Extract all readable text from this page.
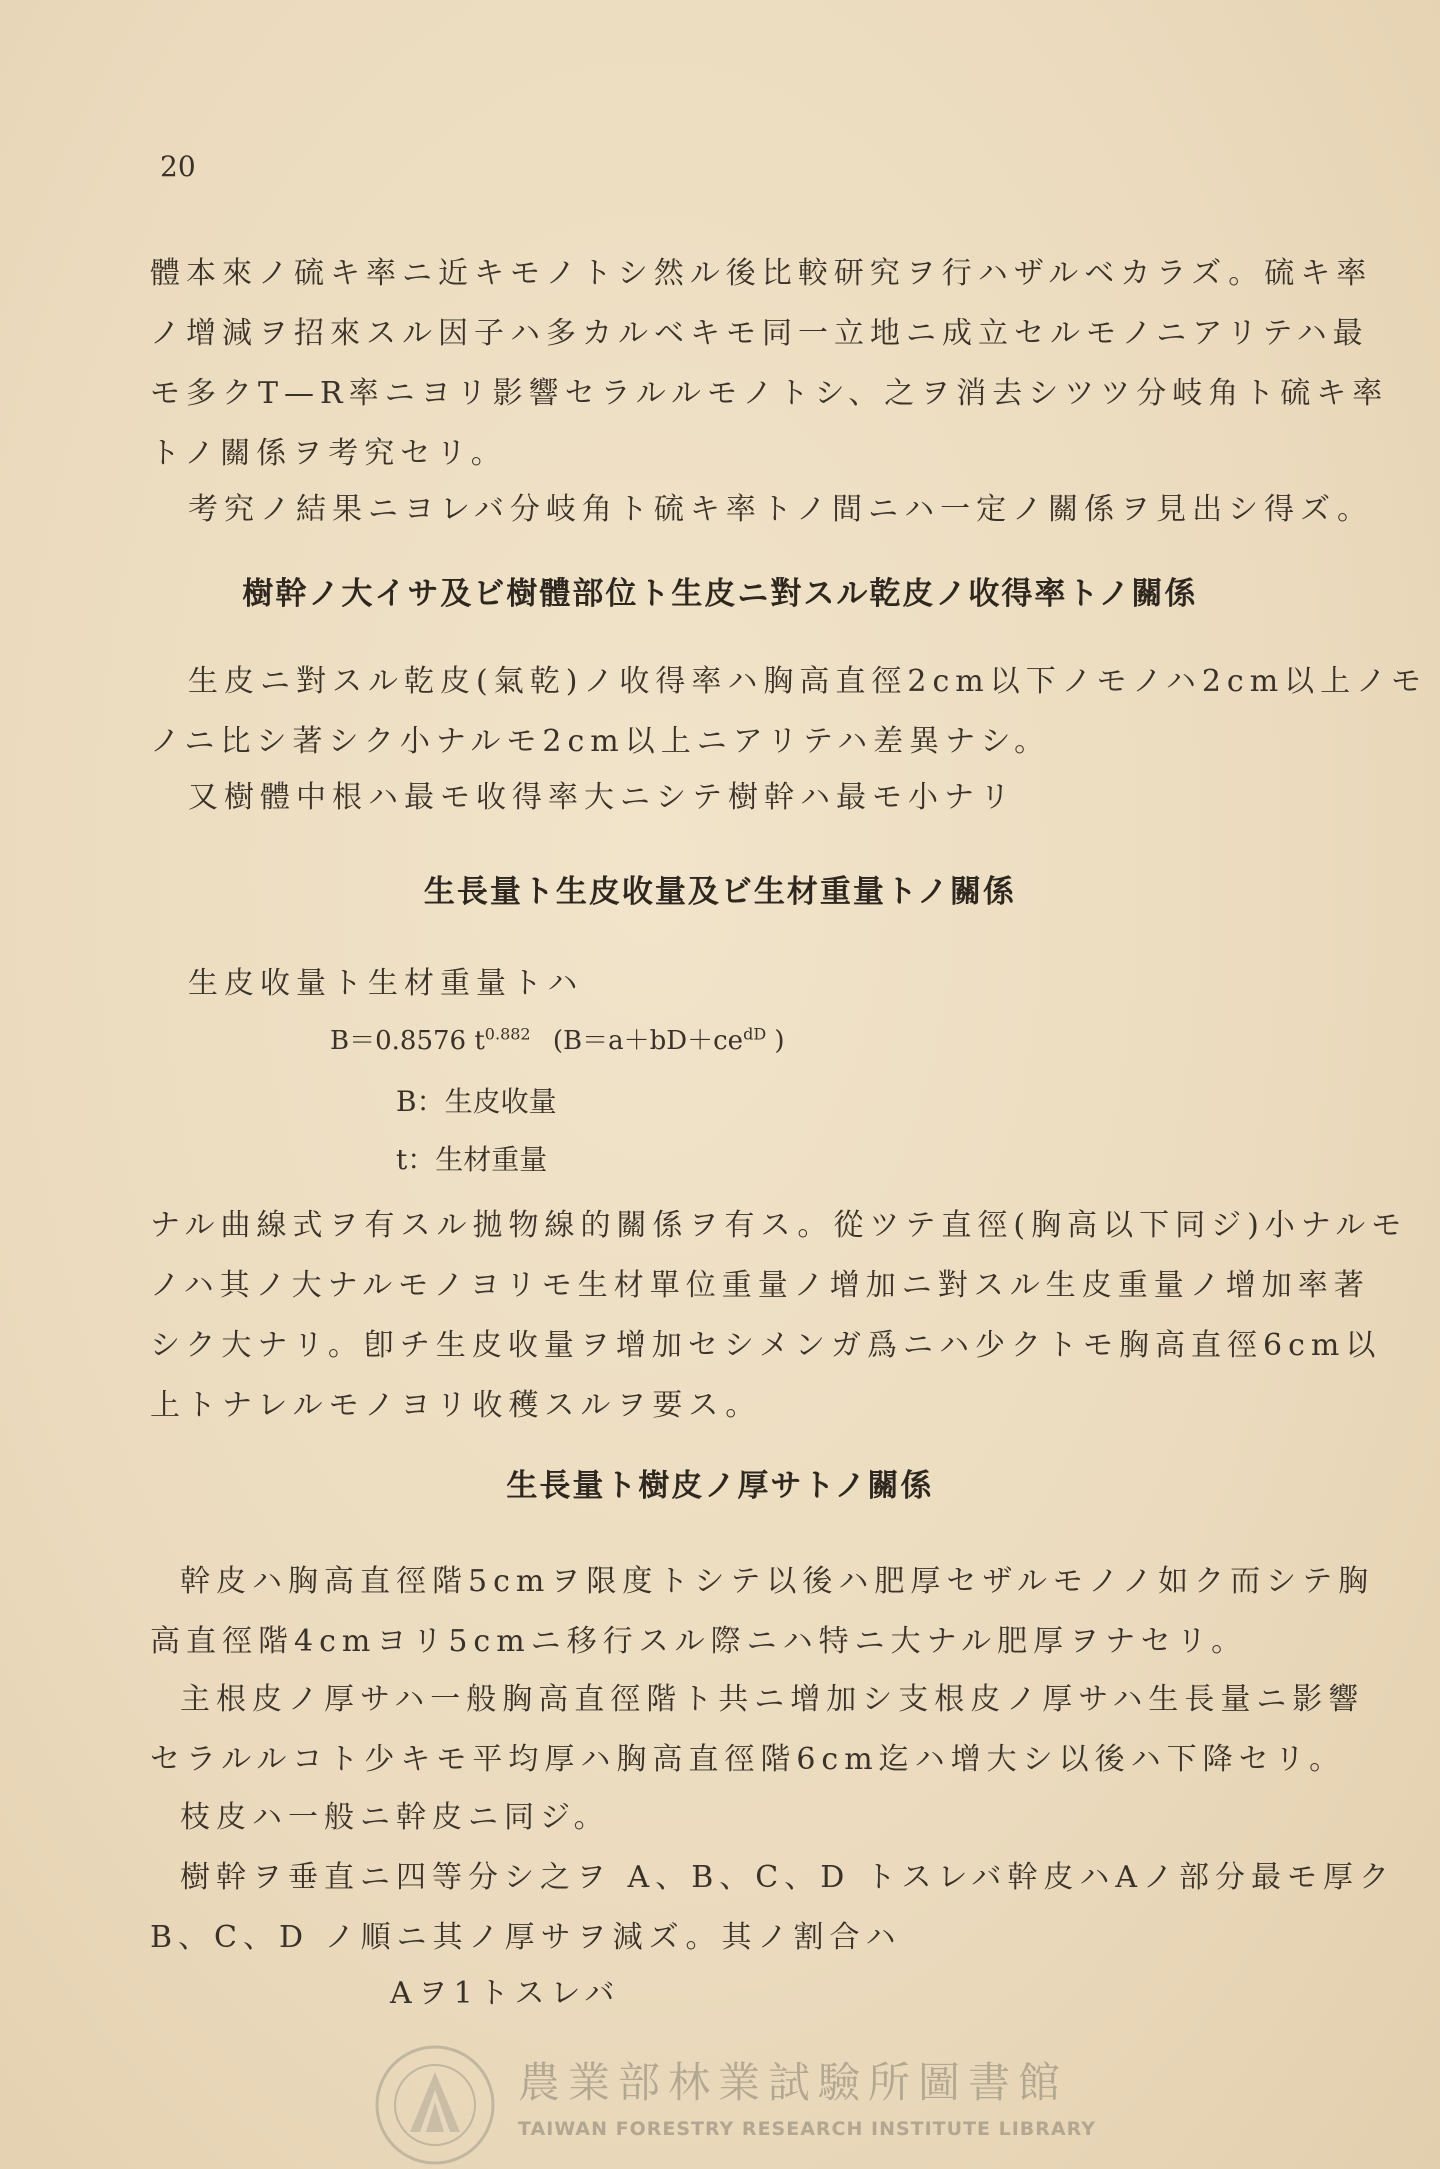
20
體本來ノ硫キ率ニ近キモノトシ然ル後比較研究ヲ行ハザルベカラズ。硫キ率
ノ增減ヲ招來スル因子ハ多カルベキモ同一立地ニ成立セルモノニアリテハ最
モ多クT—R率ニヨリ影響セラルルモノトシ、之ヲ消去シツツ分岐角ト硫キ率
トノ關係ヲ考究セリ。
考究ノ結果ニヨレバ分岐角ト硫キ率トノ間ニハ一定ノ關係ヲ見出シ得ズ。
樹幹ノ大イサ及ビ樹體部位ト生皮ニ對スル乾皮ノ收得率トノ關係
生皮ニ對スル乾皮(氣乾)ノ收得率ハ胸高直徑2cm以下ノモノハ2cm以上ノモ
ノニ比シ著シク小ナルモ2cm以上ニアリテハ差異ナシ。
又樹體中根ハ最モ收得率大ニシテ樹幹ハ最モ小ナリ
生長量ト生皮收量及ビ生材重量トノ關係
生皮收量ト生材重量トハ
B＝0.8576 $t^{0.882}$ ($B=a+bD+ce^{dD}$ )
B：生皮收量
t：生材重量
ナル曲線式ヲ有スル拋物線的關係ヲ有ス。從ツテ直徑(胸高以下同ジ)小ナルモ
ノハ其ノ大ナルモノヨリモ生材單位重量ノ增加ニ對スル生皮重量ノ增加率著
シク大ナリ。卽チ生皮收量ヲ增加セシメンガ爲ニハ少クトモ胸高直徑6cm以
上トナレルモノヨリ收穫スルヲ要ス。
生長量ト樹皮ノ厚サトノ關係
幹皮ハ胸高直徑階5cmヲ限度トシテ以後ハ肥厚セザルモノノ如ク而シテ胸
高直徑階4cmヨリ5cmニ移行スル際ニハ特ニ大ナル肥厚ヲナセリ。
主根皮ノ厚サハ一般胸高直徑階ト共ニ增加シ支根皮ノ厚サハ生長量ニ影響
セラルルコト少キモ平均厚ハ胸高直徑階6cm迄ハ增大シ以後ハ下降セリ。
枝皮ハ一般ニ幹皮ニ同ジ。
樹幹ヲ垂直ニ四等分シ之ヲ A、B、C、D トスレバ幹皮ハAノ部分最モ厚ク
B、C、D ノ順ニ其ノ厚サヲ減ズ。其ノ割合ハ
Aヲ1トスレバ
農業部林業試驗所圖書館
TAIWAN FORESTRY RESEARCH INSTITUTE LIBRARY
